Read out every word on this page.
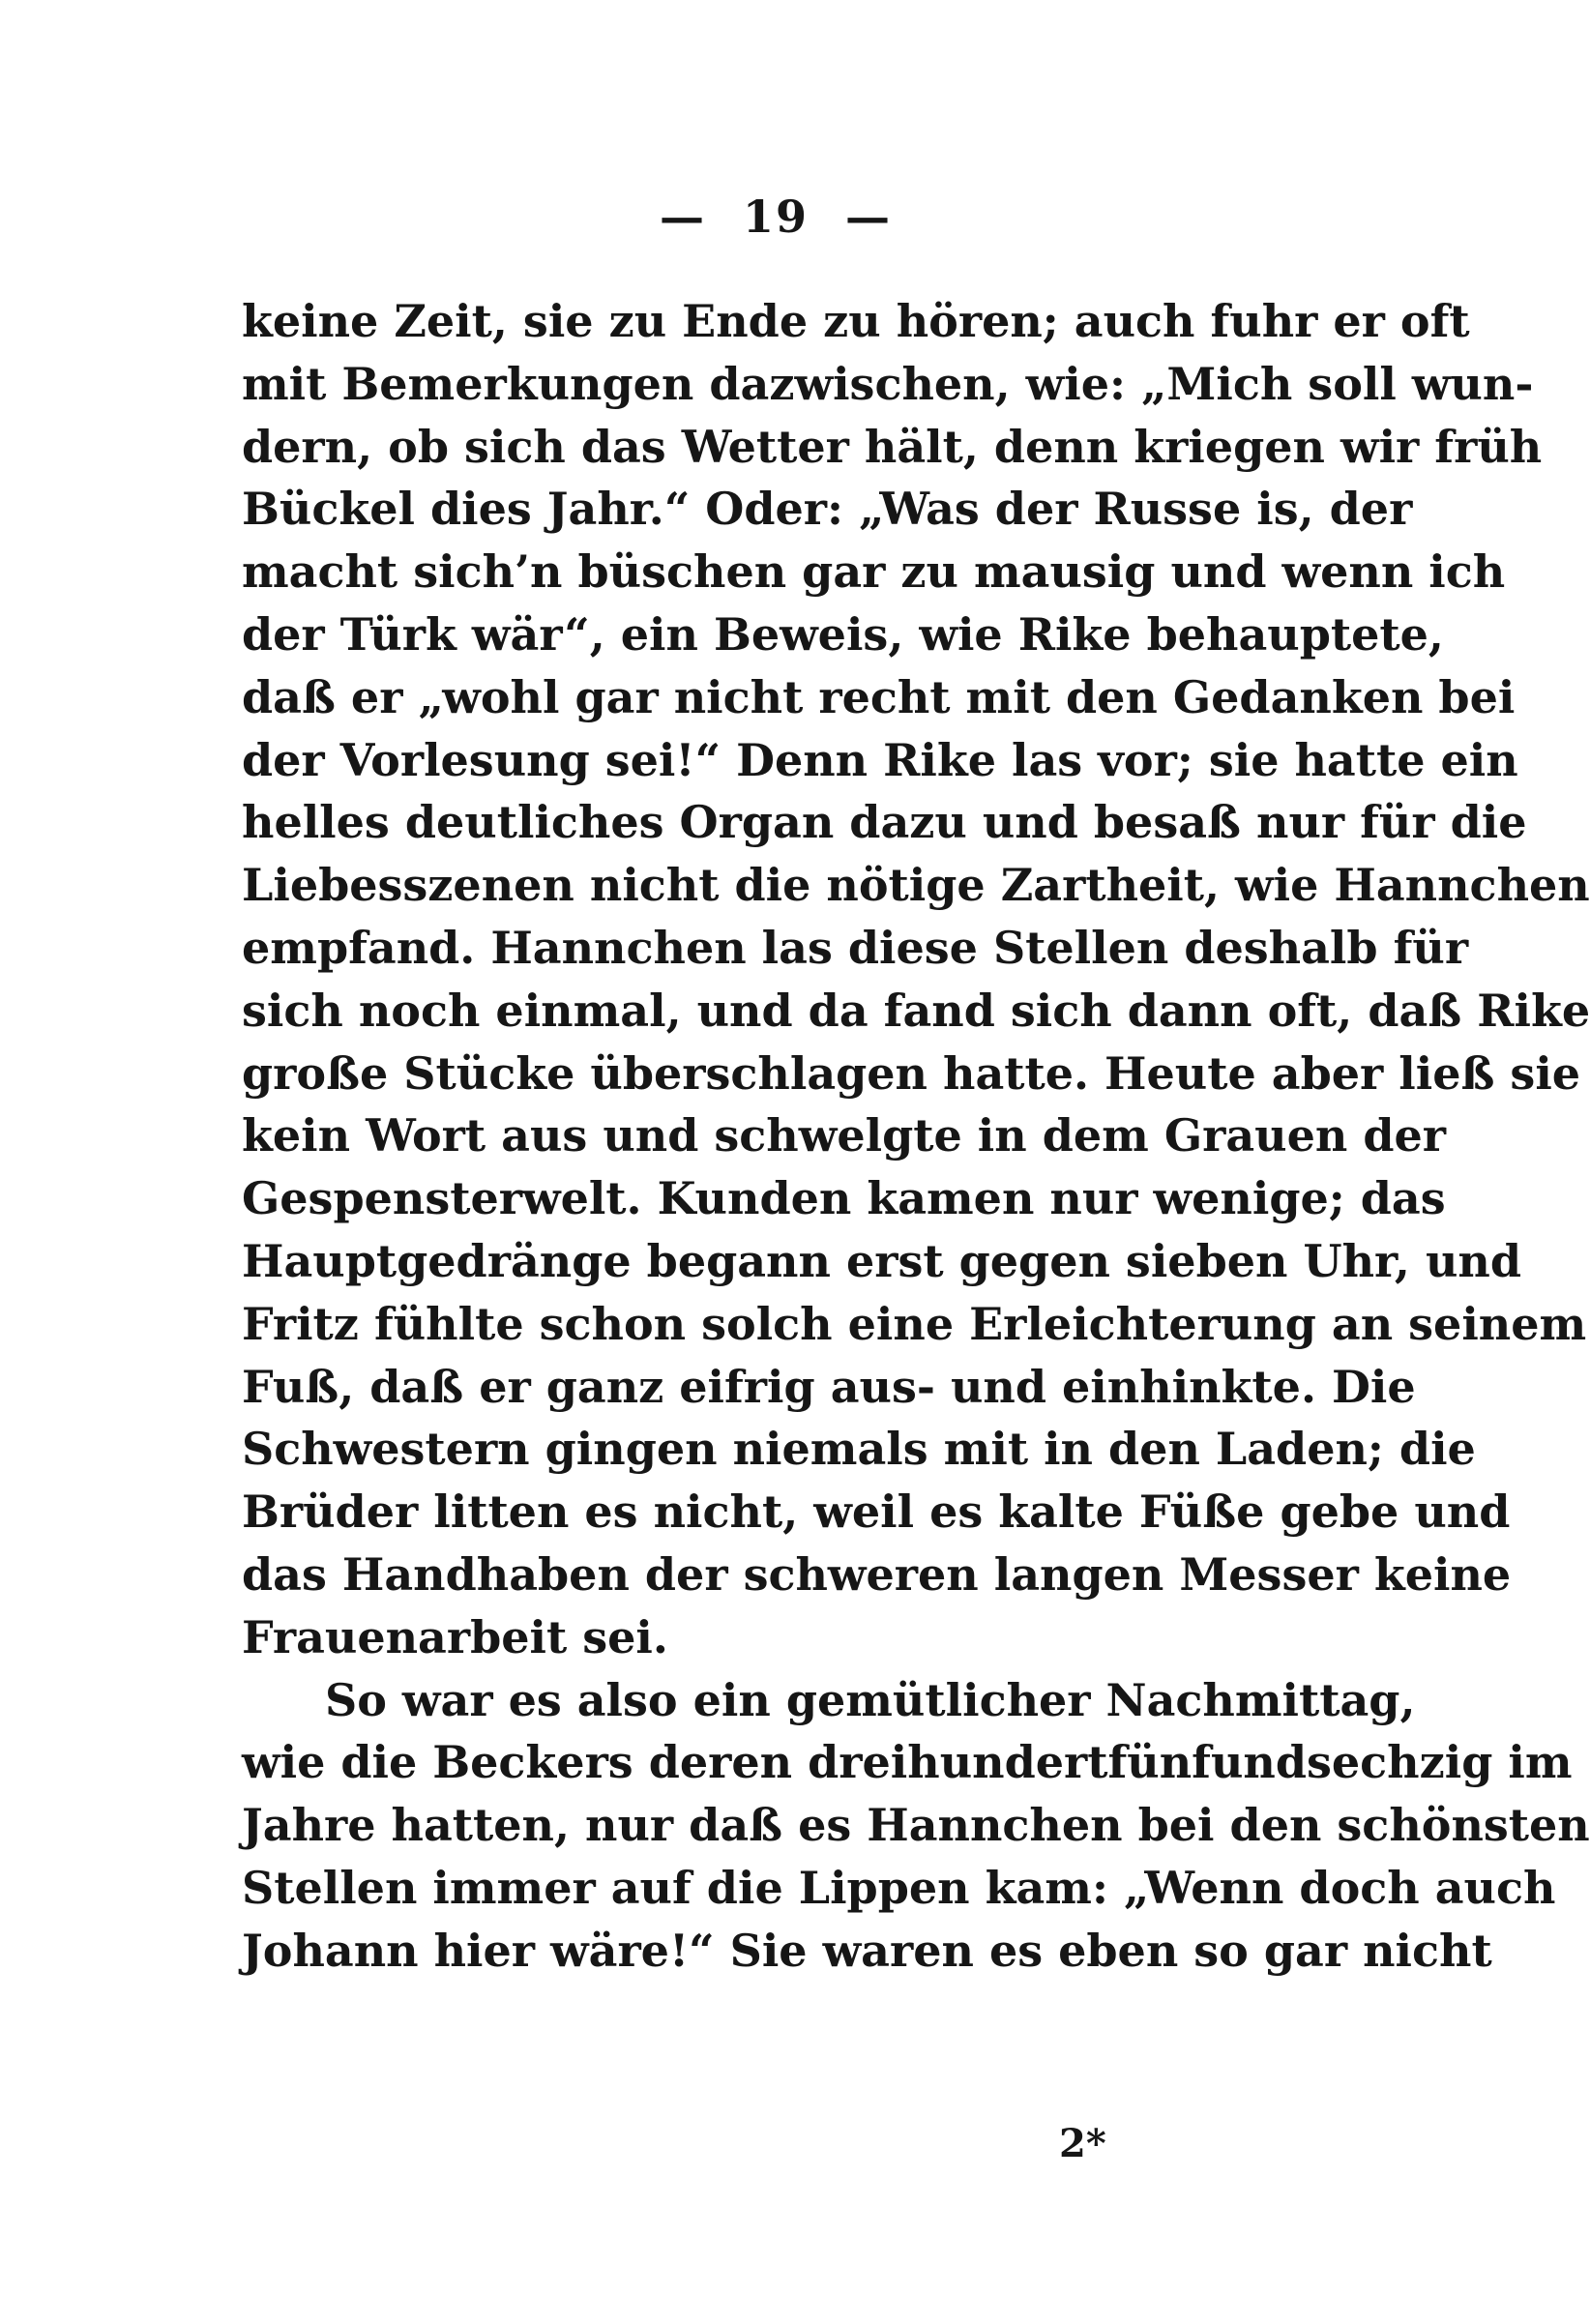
— 19 —
keine Zeit, sie zu Ende zu hören; auch fuhr er oft
mit Bemerkungen dazwischen, wie: „Mich soll wun-
dern, ob sich das Wetter hält, denn kriegen wir früh
Bückel dies Jahr.“ Oder: „Was der Russe is, der
macht sich’n büschen gar zu mausig und wenn ich
der Türk wär“, ein Beweis, wie Rike behauptete,
daß er „wohl gar nicht recht mit den Gedanken bei
der Vorlesung sei!“ Denn Rike las vor; sie hatte ein
helles deutliches Organ dazu und besaß nur für die
Liebesszenen nicht die nötige Zartheit, wie Hannchen
empfand. Hannchen las diese Stellen deshalb für
sich noch einmal, und da fand sich dann oft, daß Rike
große Stücke überschlagen hatte. Heute aber ließ sie
kein Wort aus und schwelgte in dem Grauen der
Gespensterwelt. Kunden kamen nur wenige; das
Hauptgedränge begann erst gegen sieben Uhr, und
Fritz fühlte schon solch eine Erleichterung an seinem
Fuß, daß er ganz eifrig aus- und einhinkte. Die
Schwestern gingen niemals mit in den Laden; die
Brüder litten es nicht, weil es kalte Füße gebe und
das Handhaben der schweren langen Messer keine
Frauenarbeit sei.
So war es also ein gemütlicher Nachmittag,
wie die Beckers deren dreihundertfünfundsechzig im
Jahre hatten, nur daß es Hannchen bei den schönsten
Stellen immer auf die Lippen kam: „Wenn doch auch
Johann hier wäre!“ Sie waren es eben so gar nicht
2*
